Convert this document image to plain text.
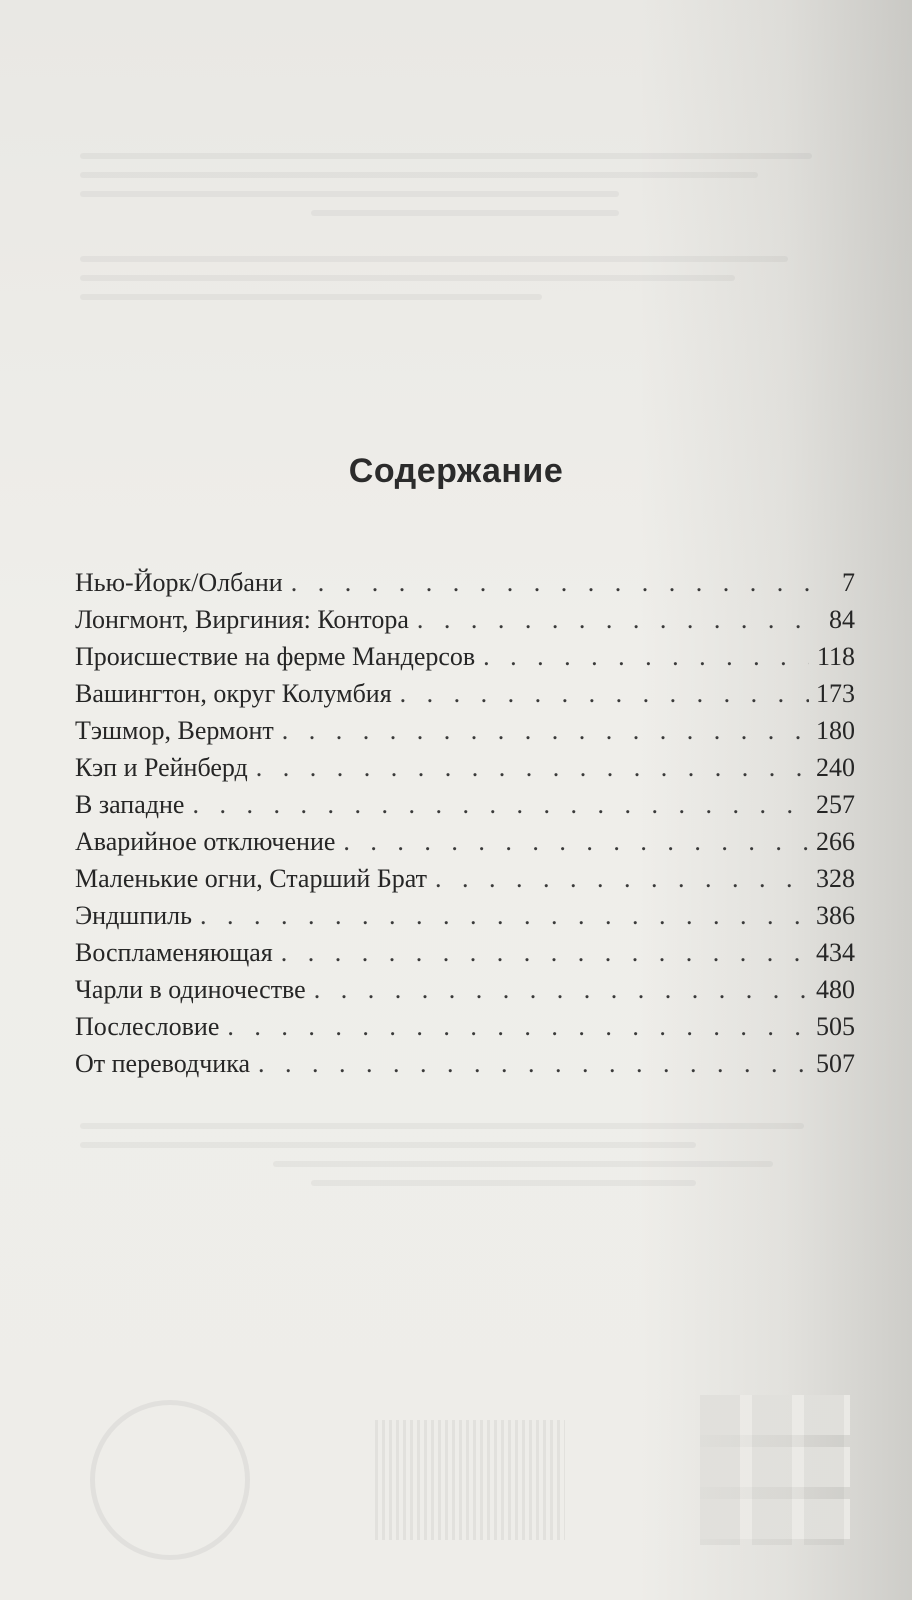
Содержание
Нью-Йорк/Олбани . . .	7
Лонгмонт, Виргиния: Контора . . .	84
Происшествие на ферме Мандерсов . . .	118
Вашингтон, округ Колумбия . . .	173
Тэшмор, Вермонт . . .	180
Кэп и Рейнберд . . .	240
В западне . . .	257
Аварийное отключение . . .	266
Маленькие огни, Старший Брат . . .	328
Эндшпиль . . .	386
Воспламеняющая . . .	434
Чарли в одиночестве . . .	480
Послесловие . . .	505
От переводчика . . .	507
